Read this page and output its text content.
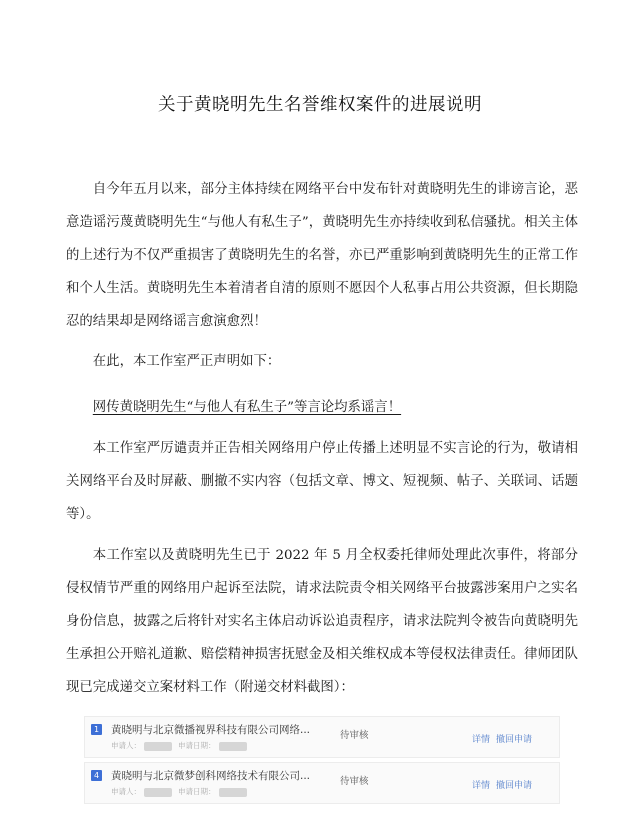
关于黄晓明先生名誉维权案件的进展说明

自今年五月以来，部分主体持续在网络平台中发布针对黄晓明先生的诽谤言论，恶意造谣污蔑黄晓明先生“与他人有私生子”，黄晓明先生亦持续收到私信骚扰。相关主体的上述行为不仅严重损害了黄晓明先生的名誉，亦已严重影响到黄晓明先生的正常工作和个人生活。黄晓明先生本着清者自清的原则不愿因个人私事占用公共资源，但长期隐忍的结果却是网络谣言愈演愈烈！

在此，本工作室严正声明如下：

网传黄晓明先生“与他人有私生子”等言论均系谣言！

本工作室严厉谴责并正告相关网络用户停止传播上述明显不实言论的行为，敬请相关网络平台及时屏蔽、删撤不实内容（包括文章、博文、短视频、帖子、关联词、话题等）。

本工作室以及黄晓明先生已于 2022 年 5 月全权委托律师处理此次事件，将部分侵权情节严重的网络用户起诉至法院，请求法院责令相关网络平台披露涉案用户之实名身份信息，披露之后将针对实名主体启动诉讼追责程序，请求法院判令被告向黄晓明先生承担公开赔礼道歉、赔偿精神损害抚慰金及相关维权成本等侵权法律责任。律师团队现已完成递交立案材料工作（附递交材料截图）：

1 黄晓明与北京微播视界科技有限公司网络...
申请人：	申请日期：
待审核	详情 撤回申请
4 黄晓明与北京微梦创科网络技术有限公司...
申请人：	申请日期：
待审核	详情 撤回申请
